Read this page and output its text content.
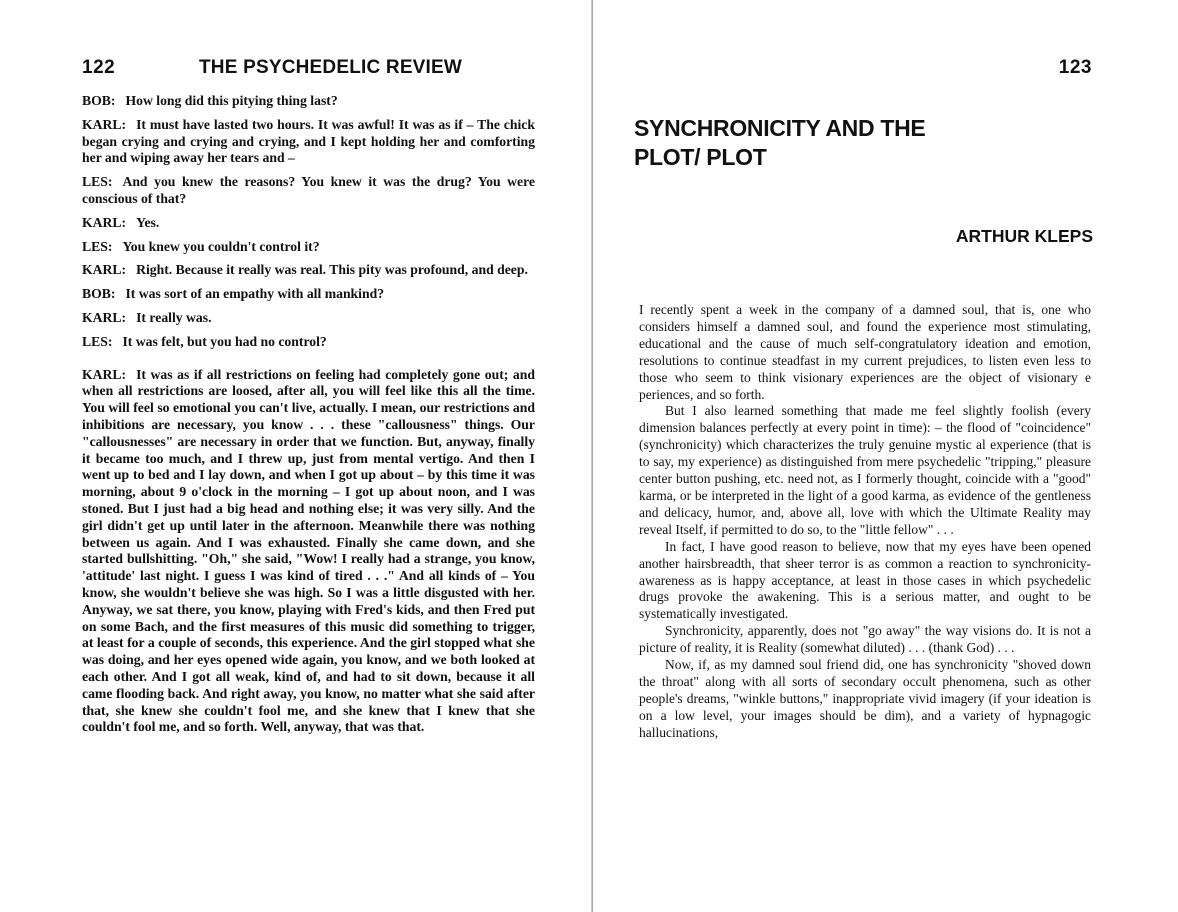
122	THE PSYCHEDELIC REVIEW

BOB: How long did this pitying thing last?

KARL: It must have lasted two hours. It was awful! It was as if – The chick began crying and crying and crying, and I kept holding her and comforting her and wiping away her tears and –

LES: And you knew the reasons? You knew it was the drug? You were conscious of that?

KARL: Yes.

LES: You knew you couldn't control it?

KARL: Right. Because it really was real. This pity was profound, and deep.

BOB: It was sort of an empathy with all mankind?

KARL: It really was.

LES: It was felt, but you had no control?

KARL: It was as if all restrictions on feeling had completely gone out; and when all restrictions are loosed, after all, you will feel like this all the time. You will feel so emotional you can't live, actually. I mean, our restrictions and inhibitions are necessary, you know . . . these "callousness" things. Our "callousnesses" are necessary in order that we function. But, anyway, finally it became too much, and I threw up, just from mental vertigo. And then I went up to bed and I lay down, and when I got up about – by this time it was morning, about 9 o'clock in the morning – I got up about noon, and I was stoned. But I just had a big head and nothing else; it was very silly. And the girl didn't get up until later in the afternoon. Meanwhile there was nothing between us again. And I was exhausted. Finally she came down, and she started bullshitting. "Oh," she said, "Wow! I really had a strange, you know, 'attitude' last night. I guess I was kind of tired . . ." And all kinds of – You know, she wouldn't believe she was high. So I was a little disgusted with her. Anyway, we sat there, you know, playing with Fred's kids, and then Fred put on some Bach, and the first measures of this music did something to trigger, at least for a couple of seconds, this experience. And the girl stopped what she was doing, and her eyes opened wide again, you know, and we both looked at each other. And I got all weak, kind of, and had to sit down, because it all came flooding back. And right away, you know, no matter what she said after that, she knew she couldn't fool me, and she knew that I knew that she couldn't fool me, and so forth. Well, anyway, that was that.

123
SYNCHRONICITY AND THE
PLOT/ PLOT

ARTHUR KLEPS

I recently spent a week in the company of a damned soul, that is, one who considers himself a damned soul, and found the experience most stimulating, educational and the cause of much self-congratulatory ideation and emotion, resolutions to continue steadfast in my current prejudices, to listen even less to those who seem to think visionary experiences are the object of visionary e periences, and so forth.

But I also learned something that made me feel slightly foolish (every dimension balances perfectly at every point in time): – the flood of "coincidence" (synchronicity) which characterizes the truly genuine mystic al experience (that is to say, my experience) as distinguished from mere psychedelic "tripping," pleasure center button pushing, etc. need not, as I formerly thought, coincide with a "good" karma, or be interpreted in the light of a good karma, as evidence of the gentleness and delicacy, humor, and, above all, love with which the Ultimate Reality may reveal Itself, if permitted to do so, to the "little fellow" . . .

In fact, I have good reason to believe, now that my eyes have been opened another hairsbreadth, that sheer terror is as common a reaction to synchronicity-awareness as is happy acceptance, at least in those cases in which psychedelic drugs provoke the awakening. This is a serious matter, and ought to be systematically investigated.

Synchronicity, apparently, does not "go away" the way visions do. It is not a picture of reality, it is Reality (somewhat diluted) . . . (thank God) . . .

Now, if, as my damned soul friend did, one has synchronicity "shoved down the throat" along with all sorts of secondary occult phenomena, such as other people's dreams, "winkle buttons," inappropriate vivid imagery (if your ideation is on a low level, your images should be dim), and a variety of hypnagogic hallucinations,
